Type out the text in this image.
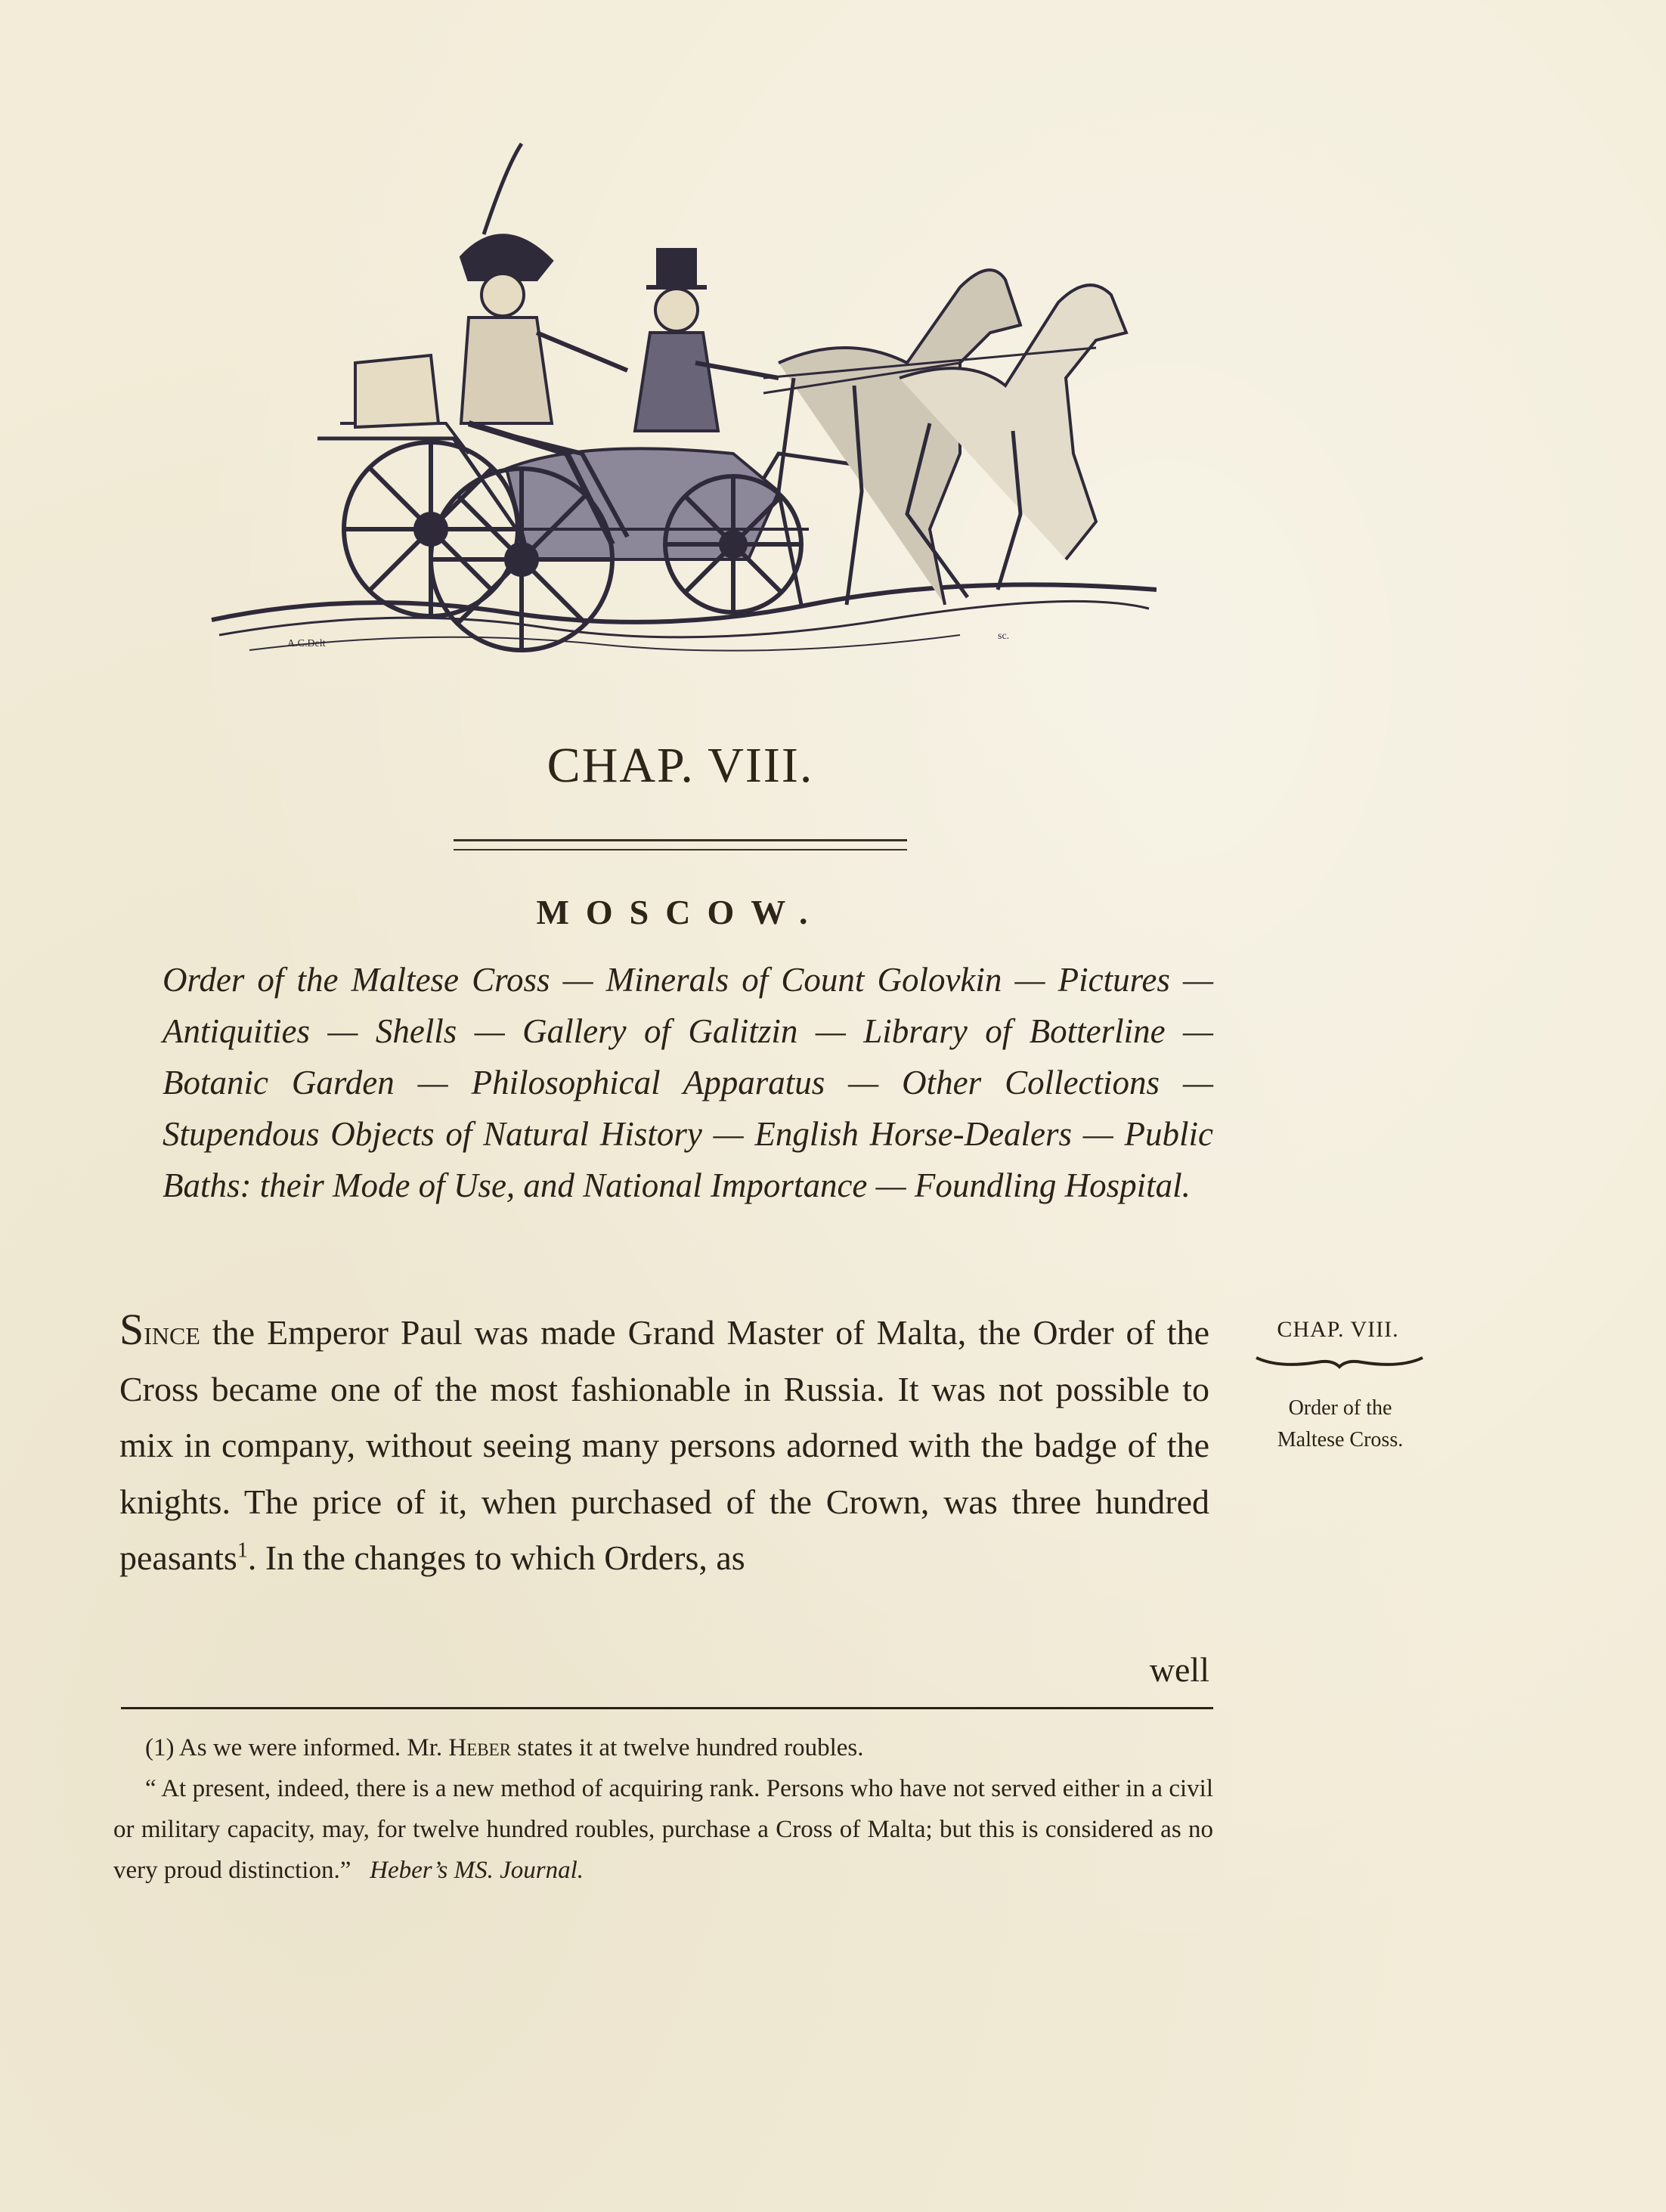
A.C.Delt
sc.
CHAP. VIII.
MOSCOW.
Order of the Maltese Cross — Minerals of Count Golovkin — Pictures — Antiquities — Shells — Gallery of Galitzin — Library of Botterline — Botanic Garden — Philosophical Apparatus — Other Collections — Stupendous Objects of Natural History — English Horse-Dealers — Public Baths: their Mode of Use, and National Importance — Foundling Hospital.
Since the Emperor Paul was made Grand Master of Malta, the Order of the Cross became one of the most fashionable in Russia. It was not possible to mix in company, without seeing many persons adorned with the badge of the knights. The price of it, when purchased of the Crown, was three hundred peasants$^1$. In the changes to which Orders, as
well
CHAP. VIII.
Order of the
Maltese Cross.

(1) As we were informed. Mr. Heber states it at twelve hundred roubles.

“ At present, indeed, there is a new method of acquiring rank. Persons who have not served either in a civil or military capacity, may, for twelve hundred roubles, purchase a Cross of Malta; but this is considered as no very proud distinction.” Heber’s MS. Journal.
